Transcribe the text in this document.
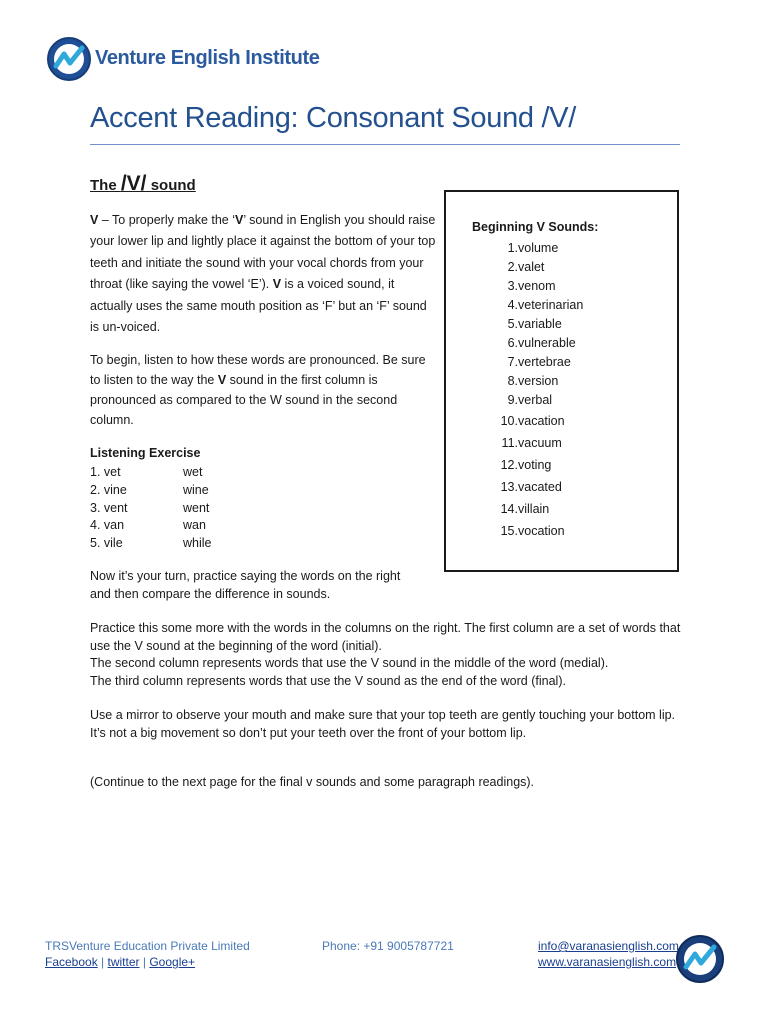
Venture English Institute
Accent Reading: Consonant Sound /V/
The /V/ sound
V – To properly make the ‘V’ sound in English you should raise your lower lip and lightly place it against the bottom of your top teeth and initiate the sound with your vocal chords from your throat (like saying the vowel ‘E’). V is a voiced sound, it actually uses the same mouth position as ‘F’ but an ‘F’ sound is un-voiced.
To begin, listen to how these words are pronounced. Be sure to listen to the way the V sound in the first column is pronounced as compared to the W sound in the second column.
Listening Exercise
1. vet	wet
2. vine	wine
3. vent	went
4. van	wan
5. vile	while
Beginning V Sounds:
1. volume
2. valet
3. venom
4. veterinarian
5. variable
6. vulnerable
7. vertebrae
8. version
9. verbal
10. vacation
11. vacuum
12. voting
13. vacated
14. villain
15. vocation
Now it’s your turn, practice saying the words on the right and then compare the difference in sounds.
Practice this some more with the words in the columns on the right. The first column are a set of words that use the V sound at the beginning of the word (initial).
The second column represents words that use the V sound in the middle of the word (medial).
The third column represents words that use the V sound as the end of the word (final).
Use a mirror to observe your mouth and make sure that your top teeth are gently touching your bottom lip. It’s not a big movement so don’t put your teeth over the front of your bottom lip.
(Continue to the next page for the final v sounds and some paragraph readings).
TRSVenture Education Private Limited
Facebook | twitter | Google+
Phone: +91 9005787721	info@varanasienglish.com
www.varanasienglish.com
